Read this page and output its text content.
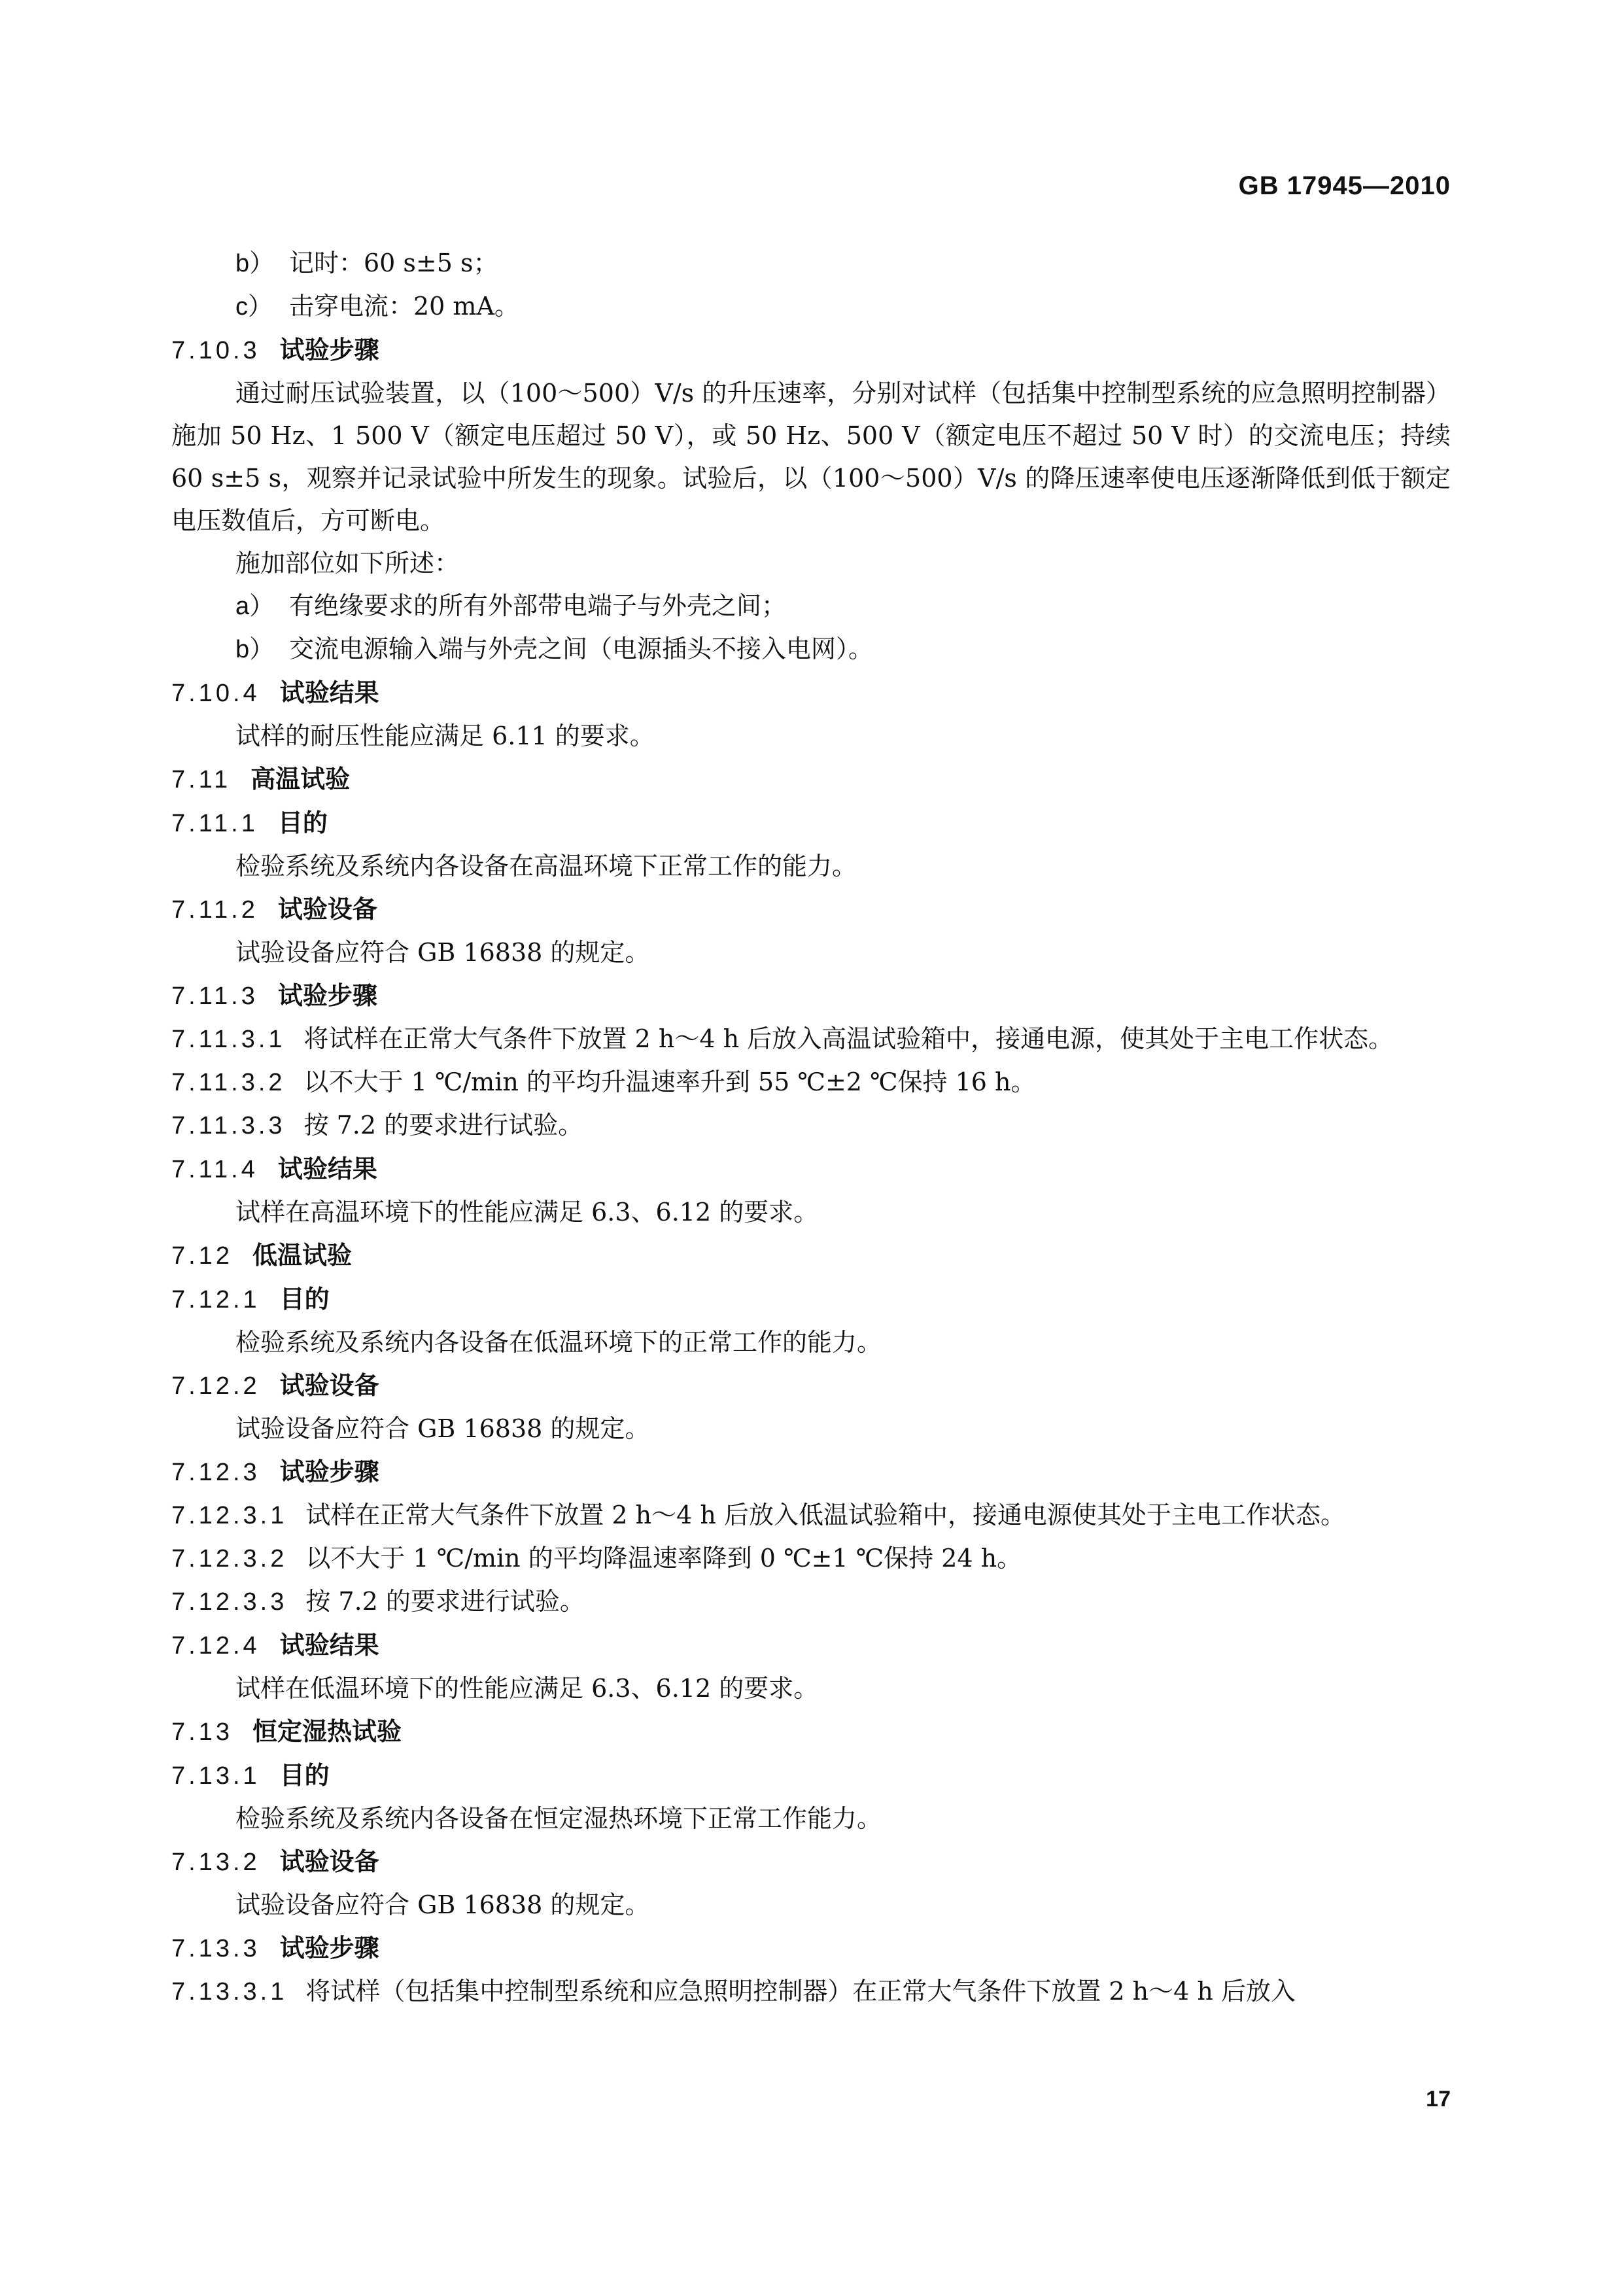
GB 17945—2010
b） 记时：60 s±5 s；
c） 击穿电流：20 mA。
7.10.3 试验步骤
通过耐压试验装置，以（100～500）V/s 的升压速率，分别对试样（包括集中控制型系统的应急照明控制器）施加 50 Hz、1 500 V（额定电压超过 50 V），或 50 Hz、500 V（额定电压不超过 50 V 时）的交流电压；持续 60 s±5 s，观察并记录试验中所发生的现象。试验后，以（100～500）V/s 的降压速率使电压逐渐降低到低于额定电压数值后，方可断电。
施加部位如下所述：
a） 有绝缘要求的所有外部带电端子与外壳之间；
b） 交流电源输入端与外壳之间（电源插头不接入电网）。
7.10.4 试验结果
试样的耐压性能应满足 6.11 的要求。
7.11 高温试验
7.11.1 目的
检验系统及系统内各设备在高温环境下正常工作的能力。
7.11.2 试验设备
试验设备应符合 GB 16838 的规定。
7.11.3 试验步骤
7.11.3.1 将试样在正常大气条件下放置 2 h～4 h 后放入高温试验箱中，接通电源，使其处于主电工作状态。
7.11.3.2 以不大于 1 ℃/min 的平均升温速率升到 55 ℃±2 ℃保持 16 h。
7.11.3.3 按 7.2 的要求进行试验。
7.11.4 试验结果
试样在高温环境下的性能应满足 6.3、6.12 的要求。
7.12 低温试验
7.12.1 目的
检验系统及系统内各设备在低温环境下的正常工作的能力。
7.12.2 试验设备
试验设备应符合 GB 16838 的规定。
7.12.3 试验步骤
7.12.3.1 试样在正常大气条件下放置 2 h～4 h 后放入低温试验箱中，接通电源使其处于主电工作状态。
7.12.3.2 以不大于 1 ℃/min 的平均降温速率降到 0 ℃±1 ℃保持 24 h。
7.12.3.3 按 7.2 的要求进行试验。
7.12.4 试验结果
试样在低温环境下的性能应满足 6.3、6.12 的要求。
7.13 恒定湿热试验
7.13.1 目的
检验系统及系统内各设备在恒定湿热环境下正常工作能力。
7.13.2 试验设备
试验设备应符合 GB 16838 的规定。
7.13.3 试验步骤
7.13.3.1 将试样（包括集中控制型系统和应急照明控制器）在正常大气条件下放置 2 h～4 h 后放入
17
